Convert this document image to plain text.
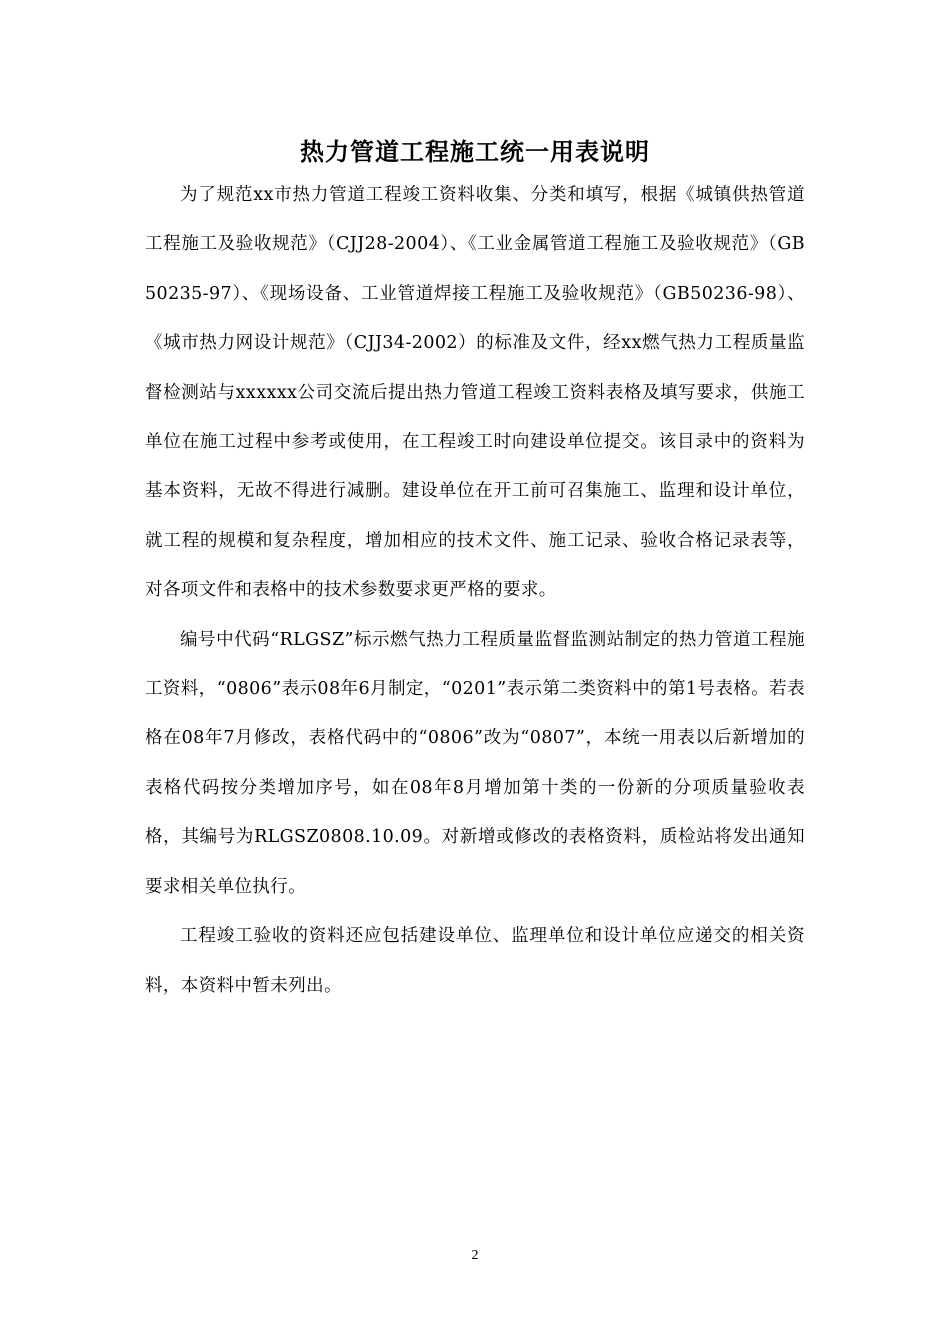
热力管道工程施工统一用表说明

为了规范xx市热力管道工程竣工资料收集、分类和填写，根据《城镇供热管道工程施工及验收规范》（CJJ28-2004）、《工业金属管道工程施工及验收规范》（GB50235-97）、《现场设备、工业管道焊接工程施工及验收规范》（GB50236-98）、《城市热力网设计规范》（CJJ34-2002）的标准及文件，经xx燃气热力工程质量监督检测站与xxxxxx公司交流后提出热力管道工程竣工资料表格及填写要求，供施工单位在施工过程中参考或使用，在工程竣工时向建设单位提交。该目录中的资料为基本资料，无故不得进行减删。建设单位在开工前可召集施工、监理和设计单位，就工程的规模和复杂程度，增加相应的技术文件、施工记录、验收合格记录表等，对各项文件和表格中的技术参数要求更严格的要求。

编号中代码“RLGSZ”标示燃气热力工程质量监督监测站制定的热力管道工程施工资料，“0806”表示08年6月制定，“0201”表示第二类资料中的第1号表格。若表格在08年7月修改，表格代码中的“0806”改为“0807”，本统一用表以后新增加的表格代码按分类增加序号，如在08年8月增加第十类的一份新的分项质量验收表格，其编号为RLGSZ0808.10.09。对新增或修改的表格资料，质检站将发出通知要求相关单位执行。

工程竣工验收的资料还应包括建设单位、监理单位和设计单位应递交的相关资料，本资料中暂未列出。

2
